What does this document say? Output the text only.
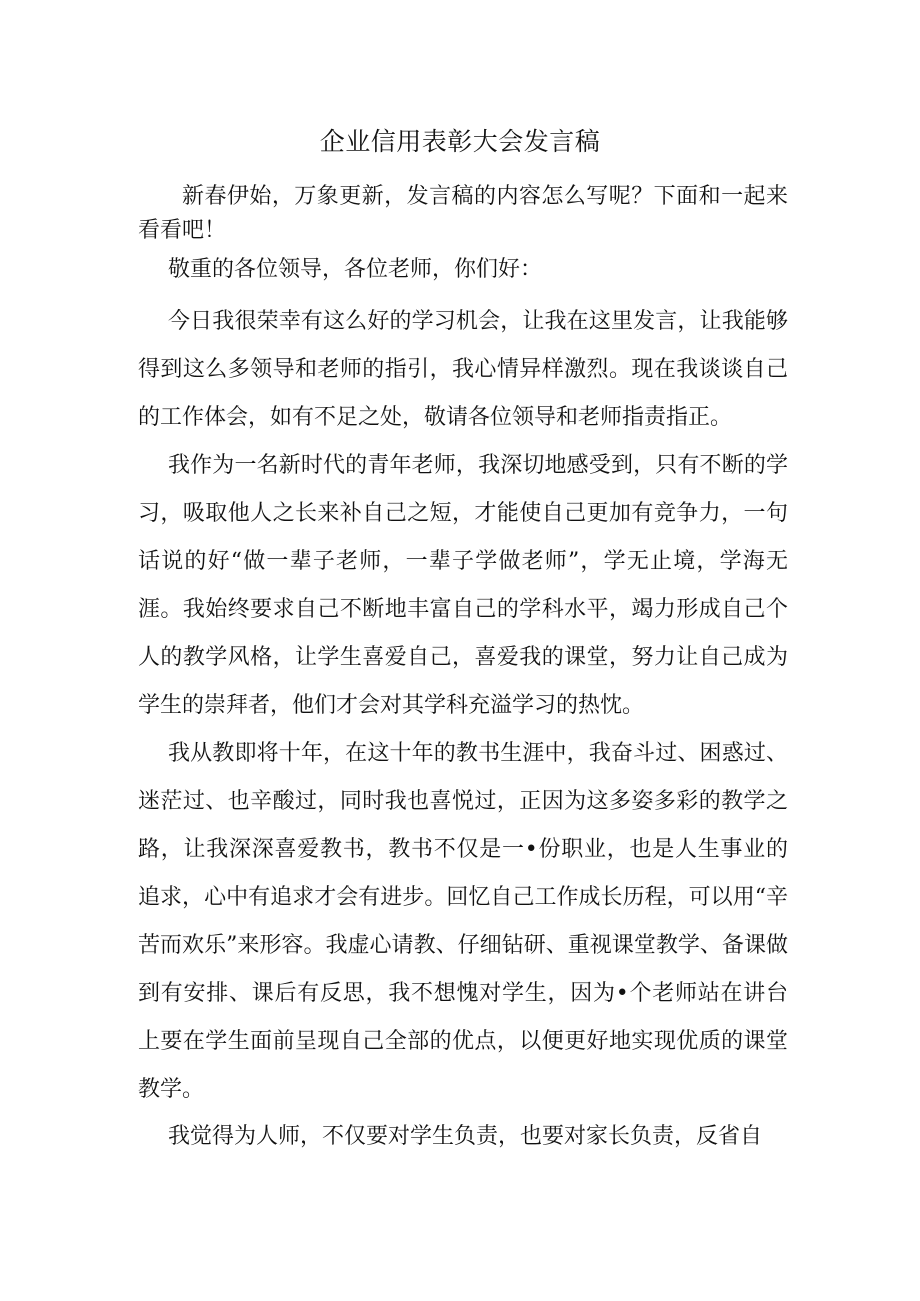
企业信用表彰大会发言稿

新春伊始，万象更新，发言稿的内容怎么写呢？下面和一起来看看吧！

敬重的各位领导，各位老师，你们好：

今日我很荣幸有这么好的学习机会，让我在这里发言，让我能够得到这么多领导和老师的指引，我心情异样激烈。现在我谈谈自己的工作体会，如有不足之处，敬请各位领导和老师指责指正。

我作为一名新时代的青年老师，我深切地感受到，只有不断的学习，吸取他人之长来补自己之短，才能使自己更加有竞争力，一句话说的好“做一辈子老师，一辈子学做老师”，学无止境，学海无涯。我始终要求自己不断地丰富自己的学科水平，竭力形成自己个人的教学风格，让学生喜爱自己，喜爱我的课堂，努力让自己成为学生的崇拜者，他们才会对其学科充溢学习的热忱。

我从教即将十年，在这十年的教书生涯中，我奋斗过、困惑过、迷茫过、也辛酸过，同时我也喜悦过，正因为这多姿多彩的教学之路，让我深深喜爱教书，教书不仅是一•份职业，也是人生事业的追求，心中有追求才会有进步。回忆自己工作成长历程，可以用“辛苦而欢乐”来形容。我虚心请教、仔细钻研、重视课堂教学、备课做到有安排、课后有反思，我不想愧对学生，因为•个老师站在讲台上要在学生面前呈现自己全部的优点，以便更好地实现优质的课堂教学。

我觉得为人师，不仅要对学生负责，也要对家长负责，反省自
